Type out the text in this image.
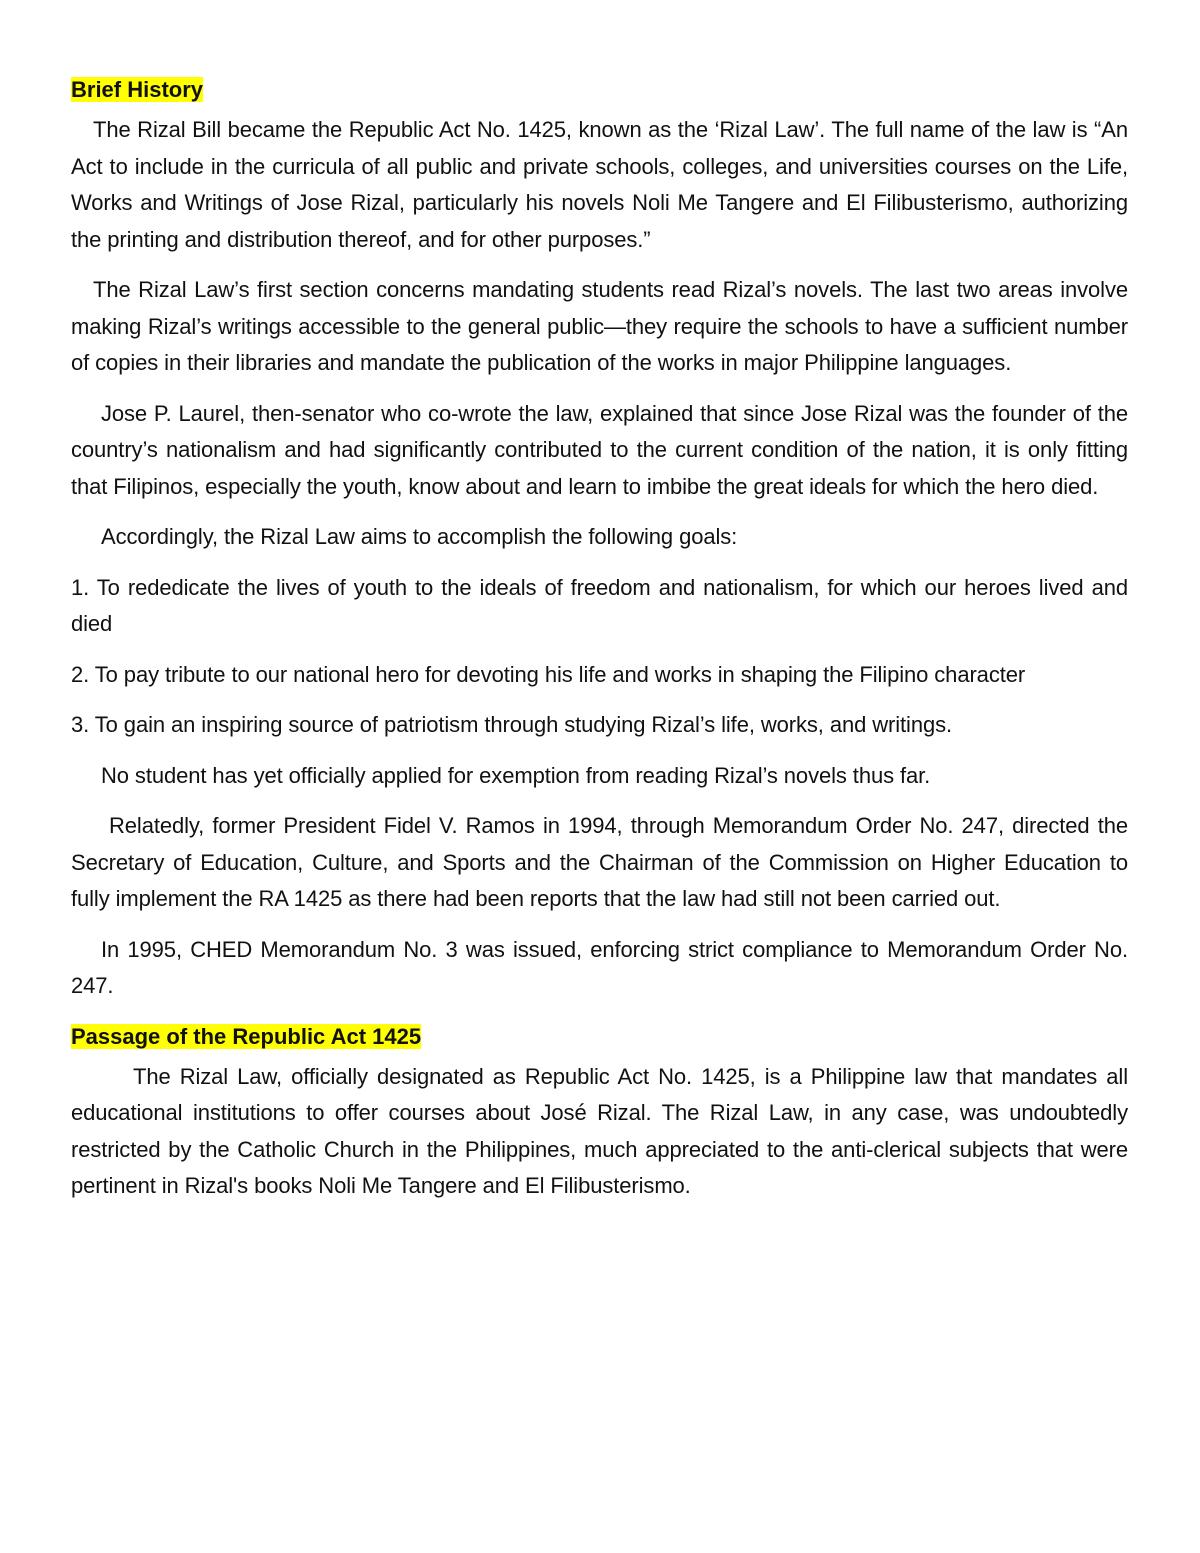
Brief History

The Rizal Bill became the Republic Act No. 1425, known as the ‘Rizal Law’. The full name of the law is “An Act to include in the curricula of all public and private schools, colleges, and universities courses on the Life, Works and Writings of Jose Rizal, particularly his novels Noli Me Tangere and El Filibusterismo, authorizing the printing and distribution thereof, and for other purposes.”

The Rizal Law’s first section concerns mandating students read Rizal’s novels. The last two areas involve making Rizal’s writings accessible to the general public—they require the schools to have a sufficient number of copies in their libraries and mandate the publication of the works in major Philippine languages.

Jose P. Laurel, then-senator who co-wrote the law, explained that since Jose Rizal was the founder of the country’s nationalism and had significantly contributed to the current condition of the nation, it is only fitting that Filipinos, especially the youth, know about and learn to imbibe the great ideals for which the hero died.

Accordingly, the Rizal Law aims to accomplish the following goals:

1. To rededicate the lives of youth to the ideals of freedom and nationalism, for which our heroes lived and died

2. To pay tribute to our national hero for devoting his life and works in shaping the Filipino character

3. To gain an inspiring source of patriotism through studying Rizal’s life, works, and writings.

No student has yet officially applied for exemption from reading Rizal’s novels thus far.

Relatedly, former President Fidel V. Ramos in 1994, through Memorandum Order No. 247, directed the Secretary of Education, Culture, and Sports and the Chairman of the Commission on Higher Education to fully implement the RA 1425 as there had been reports that the law had still not been carried out.

In 1995, CHED Memorandum No. 3 was issued, enforcing strict compliance to Memorandum Order No. 247.

Passage of the Republic Act 1425

The Rizal Law, officially designated as Republic Act No. 1425, is a Philippine law that mandates all educational institutions to offer courses about José Rizal. The Rizal Law, in any case, was undoubtedly restricted by the Catholic Church in the Philippines, much appreciated to the anti-clerical subjects that were pertinent in Rizal's books Noli Me Tangere and El Filibusterismo.
